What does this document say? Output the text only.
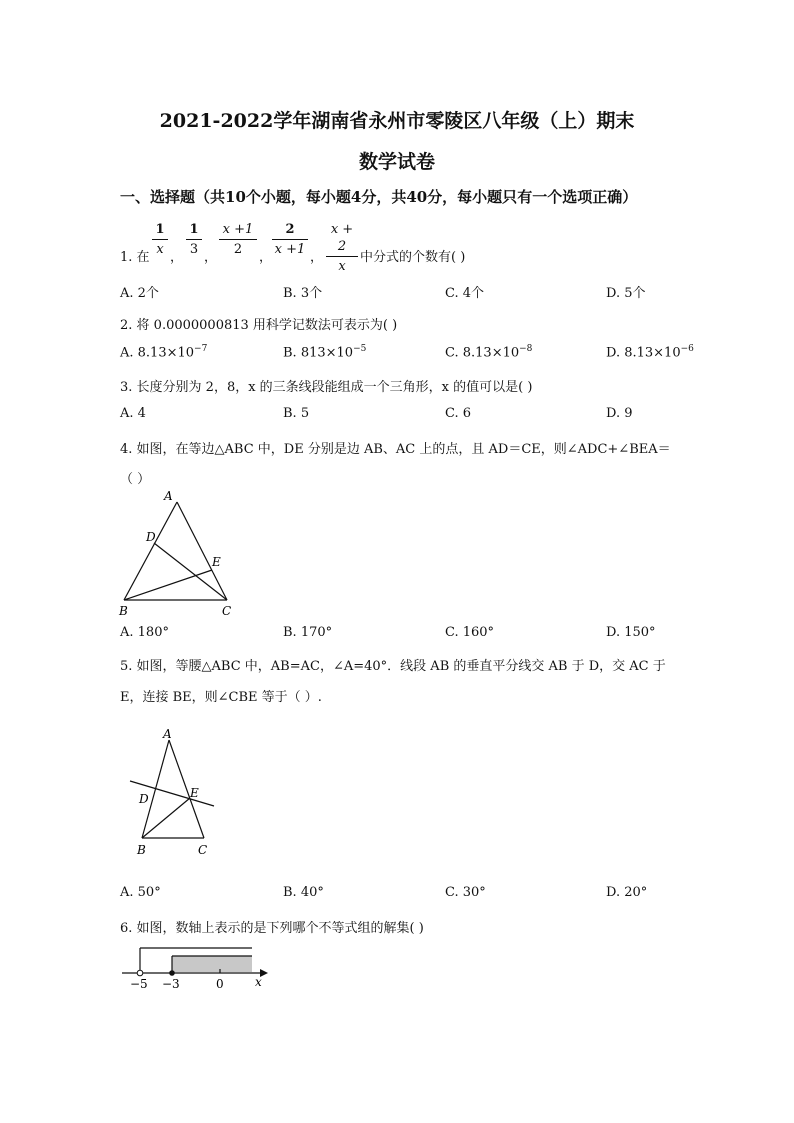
2021-2022学年湖南省永州市零陵区八年级（上）期末
数学试卷
一、选择题（共10个小题，每小题4分，共40分，每小题只有一个选项正确）
1. 在
1
x
，
1
3
，
x +1
2
，
2
x +1
，
x + 2
x
中分式的个数有( )
A. 2个	B. 3个	C. 4个	D. 5个
2. 将 0.0000000813 用科学记数法可表示为( )
A. $8.13\times 10^{-7}$	B. $813\times 10^{-5}$	C. $8.13\times 10^{-8}$	D. $8.13\times 10^{-6}$
3. 长度分别为 2，8，x 的三条线段能组成一个三角形，x 的值可以是( )
A. 4	B. 5	C. 6	D. 9
4. 如图，在等边△ABC 中，DE 分别是边 AB、AC 上的点，且 AD＝CE，则∠ADC+∠BEA＝
（ ）
A
D
E
B	C
A. 180°	B. 170°	C. 160°	D. 150°
5. 如图，等腰△ABC 中，AB=AC，∠A=40°．线段 AB 的垂直平分线交 AB 于 D，交 AC 于
E，连接 BE，则∠CBE 等于（ ）.
A
D	E
B	C
A. 50°	B. 40°	C. 30°	D. 20°
6. 如图，数轴上表示的是下列哪个不等式组的解集( )
−5 −3	0	x
